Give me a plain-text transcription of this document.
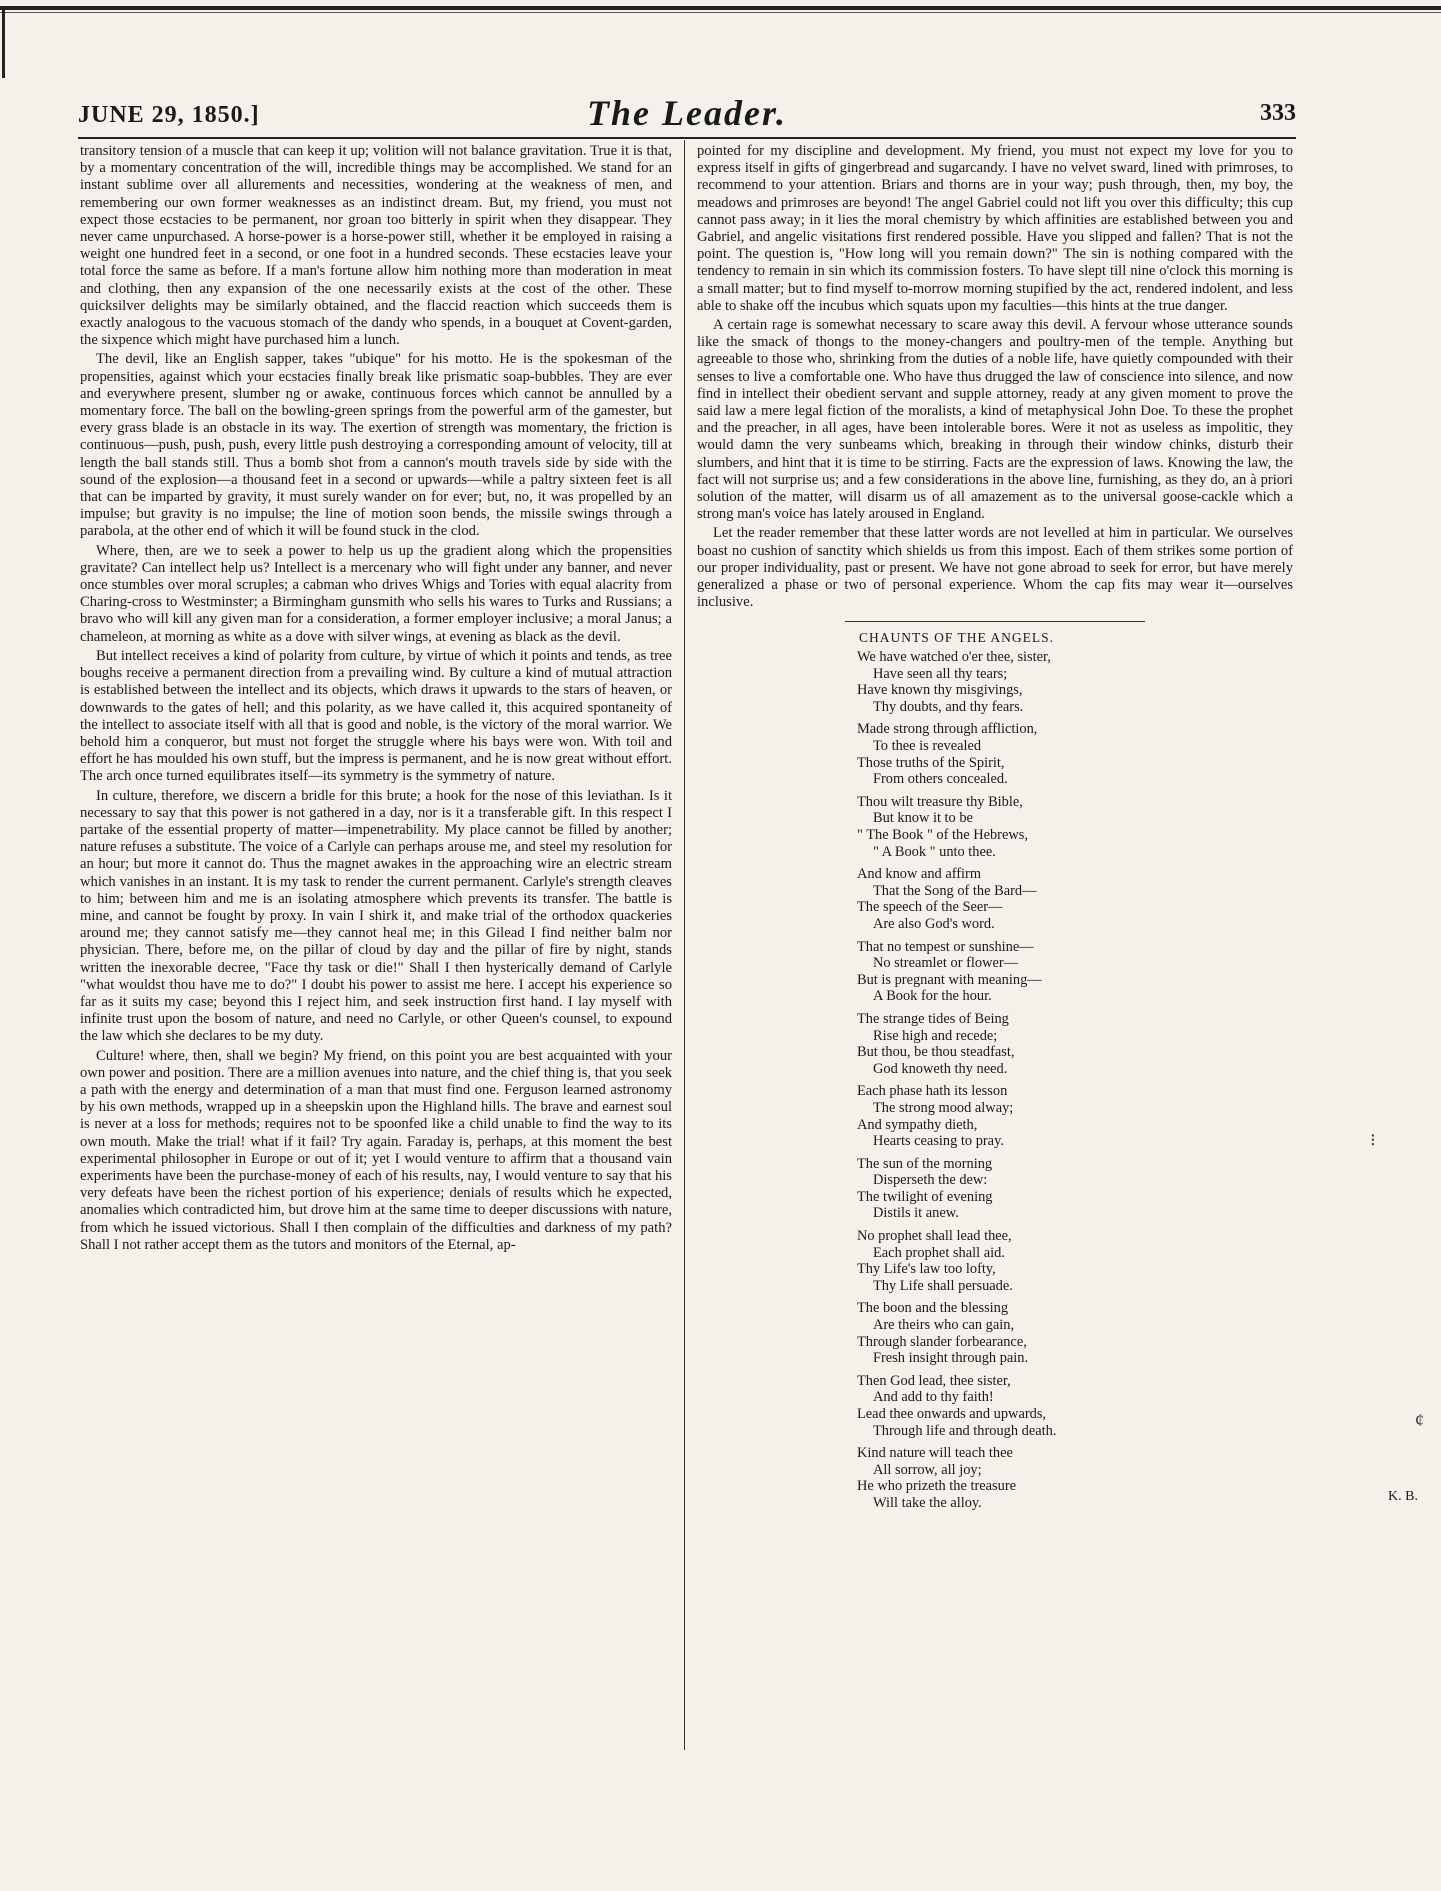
JUNE 29, 1850.]	The Leader.	333

transitory tension of a muscle that can keep it up; volition will not balance gravitation. True it is that, by a momentary concentration of the will, incredible things may be accomplished. We stand for an instant sublime over all allurements and necessities, wondering at the weakness of men, and remembering our own former weaknesses as an indistinct dream. But, my friend, you must not expect those ecstacies to be permanent, nor groan too bitterly in spirit when they disappear. They never came unpurchased. A horse-power is a horse-power still, whether it be employed in raising a weight one hundred feet in a second, or one foot in a hundred seconds. These ecstacies leave your total force the same as before. If a man's fortune allow him nothing more than moderation in meat and clothing, then any expansion of the one necessarily exists at the cost of the other. These quicksilver delights may be similarly obtained, and the flaccid reaction which succeeds them is exactly analogous to the vacuous stomach of the dandy who spends, in a bouquet at Covent-garden, the sixpence which might have purchased him a lunch.

The devil, like an English sapper, takes "ubique" for his motto. He is the spokesman of the propensities, against which your ecstacies finally break like prismatic soap-bubbles. They are ever and everywhere present, slumber ng or awake, continuous forces which cannot be annulled by a momentary force. The ball on the bowling-green springs from the powerful arm of the gamester, but every grass blade is an obstacle in its way. The exertion of strength was momentary, the friction is continuous—push, push, push, every little push destroying a corresponding amount of velocity, till at length the ball stands still. Thus a bomb shot from a cannon's mouth travels side by side with the sound of the explosion—a thousand feet in a second or upwards—while a paltry sixteen feet is all that can be imparted by gravity, it must surely wander on for ever; but, no, it was propelled by an impulse; but gravity is no impulse; the line of motion soon bends, the missile swings through a parabola, at the other end of which it will be found stuck in the clod.

Where, then, are we to seek a power to help us up the gradient along which the propensities gravitate? Can intellect help us? Intellect is a mercenary who will fight under any banner, and never once stumbles over moral scruples; a cabman who drives Whigs and Tories with equal alacrity from Charing-cross to Westminster; a Birmingham gunsmith who sells his wares to Turks and Russians; a bravo who will kill any given man for a consideration, a former employer inclusive; a moral Janus; a chameleon, at morning as white as a dove with silver wings, at evening as black as the devil.

But intellect receives a kind of polarity from culture, by virtue of which it points and tends, as tree boughs receive a permanent direction from a prevailing wind. By culture a kind of mutual attraction is established between the intellect and its objects, which draws it upwards to the stars of heaven, or downwards to the gates of hell; and this polarity, as we have called it, this acquired spontaneity of the intellect to associate itself with all that is good and noble, is the victory of the moral warrior. We behold him a conqueror, but must not forget the struggle where his bays were won. With toil and effort he has moulded his own stuff, but the impress is permanent, and he is now great without effort. The arch once turned equilibrates itself—its symmetry is the symmetry of nature.

In culture, therefore, we discern a bridle for this brute; a hook for the nose of this leviathan. Is it necessary to say that this power is not gathered in a day, nor is it a transferable gift. In this respect I partake of the essential property of matter—impenetrability. My place cannot be filled by another; nature refuses a substitute. The voice of a Carlyle can perhaps arouse me, and steel my resolution for an hour; but more it cannot do. Thus the magnet awakes in the approaching wire an electric stream which vanishes in an instant. It is my task to render the current permanent. Carlyle's strength cleaves to him; between him and me is an isolating atmosphere which prevents its transfer. The battle is mine, and cannot be fought by proxy. In vain I shirk it, and make trial of the orthodox quackeries around me; they cannot satisfy me—they cannot heal me; in this Gilead I find neither balm nor physician. There, before me, on the pillar of cloud by day and the pillar of fire by night, stands written the inexorable decree, "Face thy task or die!" Shall I then hysterically demand of Carlyle "what wouldst thou have me to do?" I doubt his power to assist me here. I accept his experience so far as it suits my case; beyond this I reject him, and seek instruction first hand. I lay myself with infinite trust upon the bosom of nature, and need no Carlyle, or other Queen's counsel, to expound the law which she declares to be my duty.

Culture! where, then, shall we begin? My friend, on this point you are best acquainted with your own power and position. There are a million avenues into nature, and the chief thing is, that you seek a path with the energy and determination of a man that must find one. Ferguson learned astronomy by his own methods, wrapped up in a sheepskin upon the Highland hills. The brave and earnest soul is never at a loss for methods; requires not to be spoonfed like a child unable to find the way to its own mouth. Make the trial! what if it fail? Try again. Faraday is, perhaps, at this moment the best experimental philosopher in Europe or out of it; yet I would venture to affirm that a thousand vain experiments have been the purchase-money of each of his results, nay, I would venture to say that his very defeats have been the richest portion of his experience; denials of results which he expected, anomalies which contradicted him, but drove him at the same time to deeper discussions with nature, from which he issued victorious. Shall I then complain of the difficulties and darkness of my path? Shall I not rather accept them as the tutors and monitors of the Eternal, ap-

pointed for my discipline and development. My friend, you must not expect my love for you to express itself in gifts of gingerbread and sugarcandy. I have no velvet sward, lined with primroses, to recommend to your attention. Briars and thorns are in your way; push through, then, my boy, the meadows and primroses are beyond! The angel Gabriel could not lift you over this difficulty; this cup cannot pass away; in it lies the moral chemistry by which affinities are established between you and Gabriel, and angelic visitations first rendered possible. Have you slipped and fallen? That is not the point. The question is, "How long will you remain down?" The sin is nothing compared with the tendency to remain in sin which its commission fosters. To have slept till nine o'clock this morning is a small matter; but to find myself to-morrow morning stupified by the act, rendered indolent, and less able to shake off the incubus which squats upon my faculties—this hints at the true danger.

A certain rage is somewhat necessary to scare away this devil. A fervour whose utterance sounds like the smack of thongs to the money-changers and poultry-men of the temple. Anything but agreeable to those who, shrinking from the duties of a noble life, have quietly compounded with their senses to live a comfortable one. Who have thus drugged the law of conscience into silence, and now find in intellect their obedient servant and supple attorney, ready at any given moment to prove the said law a mere legal fiction of the moralists, a kind of metaphysical John Doe. To these the prophet and the preacher, in all ages, have been intolerable bores. Were it not as useless as impolitic, they would damn the very sunbeams which, breaking in through their window chinks, disturb their slumbers, and hint that it is time to be stirring. Facts are the expression of laws. Knowing the law, the fact will not surprise us; and a few considerations in the above line, furnishing, as they do, an à priori solution of the matter, will disarm us of all amazement as to the universal goose-cackle which a strong man's voice has lately aroused in England.

Let the reader remember that these latter words are not levelled at him in particular. We ourselves boast no cushion of sanctity which shields us from this impost. Each of them strikes some portion of our proper individuality, past or present. We have not gone abroad to seek for error, but have merely generalized a phase or two of personal experience. Whom the cap fits may wear it—ourselves inclusive.

CHAUNTS OF THE ANGELS.
We have watched o'er thee, sister,
Have seen all thy tears;
Have known thy misgivings,
Thy doubts, and thy fears.
Made strong through affliction,
To thee is revealed
Those truths of the Spirit,
From others concealed.
Thou wilt treasure thy Bible,
But know it to be
" The Book " of the Hebrews,
" A Book " unto thee.
And know and affirm
That the Song of the Bard—
The speech of the Seer—
Are also God's word.
That no tempest or sunshine—
No streamlet or flower—
But is pregnant with meaning—
A Book for the hour.
The strange tides of Being
Rise high and recede;
But thou, be thou steadfast,
God knoweth thy need.
Each phase hath its lesson
The strong mood alway;
And sympathy dieth,
Hearts ceasing to pray.
The sun of the morning
Disperseth the dew:
The twilight of evening
Distils it anew.
No prophet shall lead thee,
Each prophet shall aid.
Thy Life's law too lofty,
Thy Life shall persuade.
The boon and the blessing
Are theirs who can gain,
Through slander forbearance,
Fresh insight through pain.
Then God lead, thee sister,
And add to thy faith!
Lead thee onwards and upwards,
Through life and through death.
Kind nature will teach thee
All sorrow, all joy;
He who prizeth the treasure
Will take the alloy.	K. B.
⁝
¢
